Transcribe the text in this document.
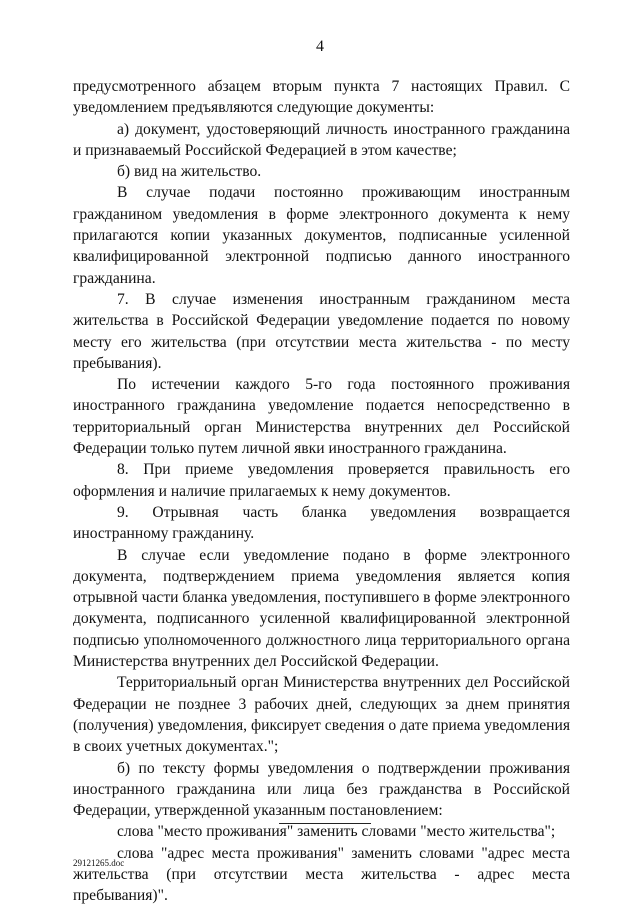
4

предусмотренного абзацем вторым пункта 7 настоящих Правил. С уведомлением предъявляются следующие документы:

а) документ, удостоверяющий личность иностранного гражданина и признаваемый Российской Федерацией в этом качестве;

б) вид на жительство.

В случае подачи постоянно проживающим иностранным гражданином уведомления в форме электронного документа к нему прилагаются копии указанных документов, подписанные усиленной квалифицированной электронной подписью данного иностранного гражданина.

7. В случае изменения иностранным гражданином места жительства в Российской Федерации уведомление подается по новому месту его жительства (при отсутствии места жительства - по месту пребывания).

По истечении каждого 5-го года постоянного проживания иностранного гражданина уведомление подается непосредственно в территориальный орган Министерства внутренних дел Российской Федерации только путем личной явки иностранного гражданина.

8. При приеме уведомления проверяется правильность его оформления и наличие прилагаемых к нему документов.

9. Отрывная часть бланка уведомления возвращается иностранному гражданину.

В случае если уведомление подано в форме электронного документа, подтверждением приема уведомления является копия отрывной части бланка уведомления, поступившего в форме электронного документа, подписанного усиленной квалифицированной электронной подписью уполномоченного должностного лица территориального органа Министерства внутренних дел Российской Федерации.

Территориальный орган Министерства внутренних дел Российской Федерации не позднее 3 рабочих дней, следующих за днем принятия (получения) уведомления, фиксирует сведения о дате приема уведомления в своих учетных документах.";

б) по тексту формы уведомления о подтверждении проживания иностранного гражданина или лица без гражданства в Российской Федерации, утвержденной указанным постановлением:

слова "место проживания" заменить словами "место жительства";

слова "адрес места проживания" заменить словами "адрес места жительства (при отсутствии места жительства - адрес места пребывания)".

29121265.doc
